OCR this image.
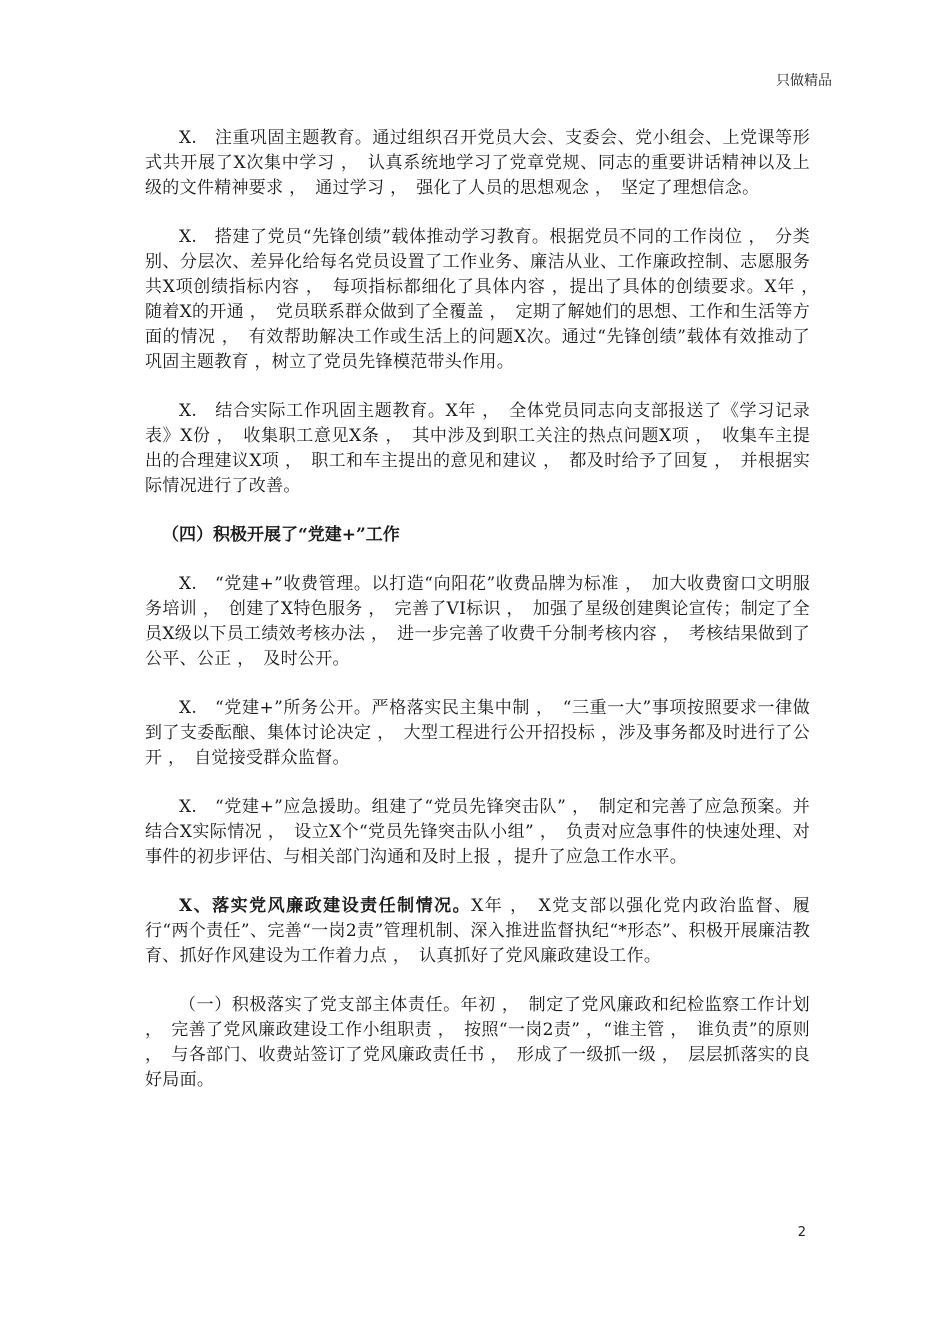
只做精品

X.　注重巩固主题教育。通过组织召开党员大会、支委会、党小组会、上党课等形式共开展了X次集中学习 ，　认真系统地学习了党章党规、同志的重要讲话精神以及上级的文件精神要求 ，　通过学习 ，　强化了人员的思想观念 ，　坚定了理想信念。

X.　搭建了党员“先锋创绩”载体推动学习教育。根据党员不同的工作岗位 ，　分类别、分层次、差异化给每名党员设置了工作业务、廉洁从业、工作廉政控制、志愿服务共X项创绩指标内容 ，　每项指标都细化了具体内容 ，提出了具体的创绩要求。X年 ，　随着X的开通 ，　党员联系群众做到了全覆盖 ，　定期了解她们的思想、工作和生活等方面的情况 ，　有效帮助解决工作或生活上的问题X次。通过“先锋创绩”载体有效推动了巩固主题教育 ，树立了党员先锋模范带头作用。

X.　结合实际工作巩固主题教育。X年 ，　全体党员同志向支部报送了《学习记录表》X份 ，　收集职工意见X条 ，　其中涉及到职工关注的热点问题X项 ，　收集车主提出的合理建议X项 ，　职工和车主提出的意见和建议 ，　都及时给予了回复 ，　并根据实际情况进行了改善。

（四）积极开展了“党建+”工作

X.　“党建+”收费管理。以打造“向阳花”收费品牌为标准 ，　加大收费窗口文明服务培训 ，　创建了X特色服务 ，　完善了VI标识 ，　加强了星级创建舆论宣传；制定了全员X级以下员工绩效考核办法 ，　进一步完善了收费千分制考核内容 ，　考核结果做到了公平、公正 ，　及时公开。

X.　“党建+”所务公开。严格落实民主集中制 ，　“三重一大”事项按照要求一律做到了支委酝酿、集体讨论决定 ，　大型工程进行公开招投标 ，涉及事务都及时进行了公开 ，　自觉接受群众监督。

X.　“党建+”应急援助。组建了“党员先锋突击队” ，　制定和完善了应急预案。并结合X实际情况 ，　设立X个“党员先锋突击队小组” ，　负责对应急事件的快速处理、对事件的初步评估、与相关部门沟通和及时上报 ，提升了应急工作水平。

X、落实党风廉政建设责任制情况。X年 ，　X党支部以强化党内政治监督、履行“两个责任”、完善“一岗2责”管理机制、深入推进监督执纪“*形态”、积极开展廉洁教育、抓好作风建设为工作着力点 ，　认真抓好了党风廉政建设工作。

（一）积极落实了党支部主体责任。年初 ，　制定了党风廉政和纪检监察工作计划 ，　完善了党风廉政建设工作小组职责 ，　按照“一岗2责” ，“谁主管 ，　谁负责”的原则 ，　与各部门、收费站签订了党风廉政责任书 ，　形成了一级抓一级 ，　层层抓落实的良好局面。

2
